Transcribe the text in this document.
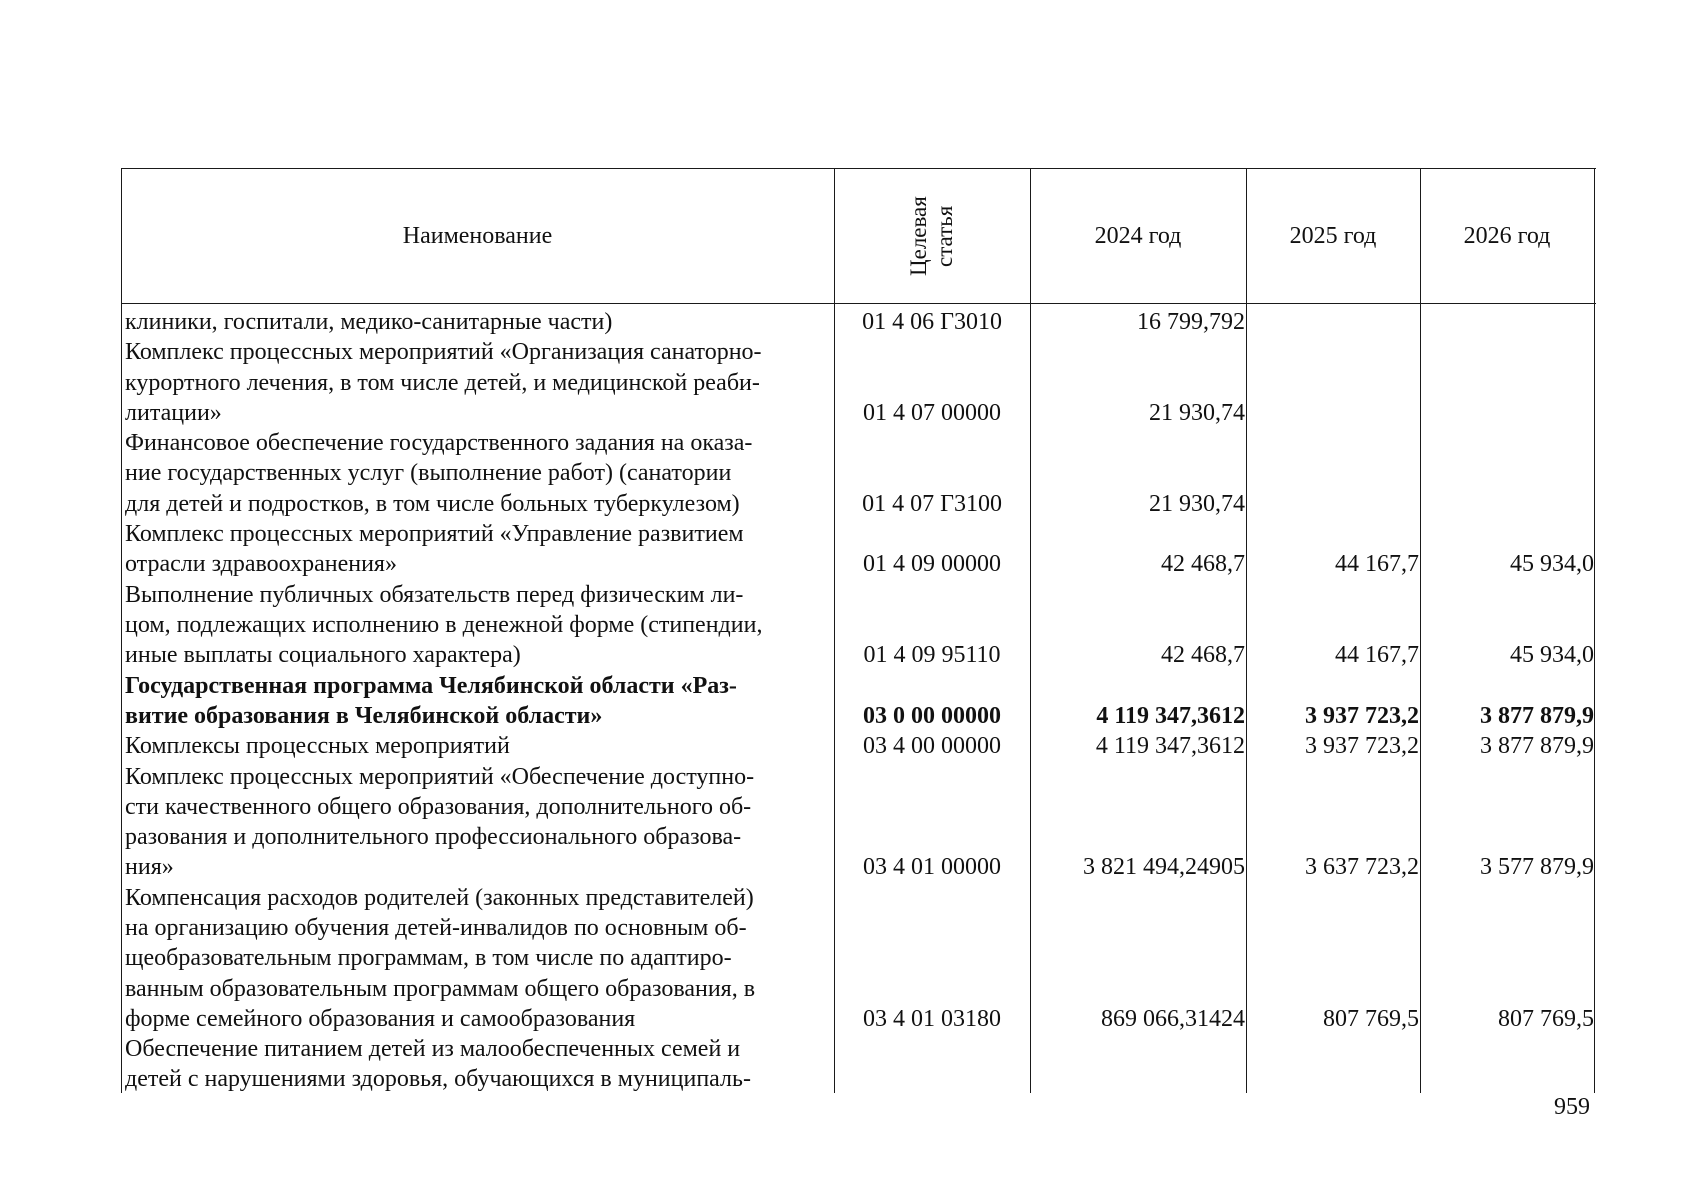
Наименование	Целевая статья	2024 год	2025 год	2026 год
клиники, госпитали, медико-санитарные части)	01 4 06 Г3010	16 799,792
Комплекс процессных мероприятий «Организация санаторно-
курортного лечения, в том числе детей, и медицинской реаби-
литации»	01 4 07 00000	21 930,74
Финансовое обеспечение государственного задания на оказа-
ние государственных услуг (выполнение работ) (санатории
для детей и подростков, в том числе больных туберкулезом)	01 4 07 Г3100	21 930,74
Комплекс процессных мероприятий «Управление развитием
отрасли здравоохранения»	01 4 09 00000	42 468,7	44 167,7	45 934,0
Выполнение публичных обязательств перед физическим ли-
цом, подлежащих исполнению в денежной форме (стипендии,
иные выплаты социального характера)	01 4 09 95110	42 468,7	44 167,7	45 934,0
Государственная программа Челябинской области «Раз-
витие образования в Челябинской области»	03 0 00 00000	4 119 347,3612	3 937 723,2	3 877 879,9
Комплексы процессных мероприятий	03 4 00 00000	4 119 347,3612	3 937 723,2	3 877 879,9
Комплекс процессных мероприятий «Обеспечение доступно-
сти качественного общего образования, дополнительного об-
разования и дополнительного профессионального образова-
ния»	03 4 01 00000	3 821 494,24905	3 637 723,2	3 577 879,9
Компенсация расходов родителей (законных представителей)
на организацию обучения детей-инвалидов по основным об-
щеобразовательным программам, в том числе по адаптиро-
ванным образовательным программам общего образования, в
форме семейного образования и самообразования	03 4 01 03180	869 066,31424	807 769,5	807 769,5
Обеспечение питанием детей из малообеспеченных семей и
детей с нарушениями здоровья, обучающихся в муниципаль-
959
